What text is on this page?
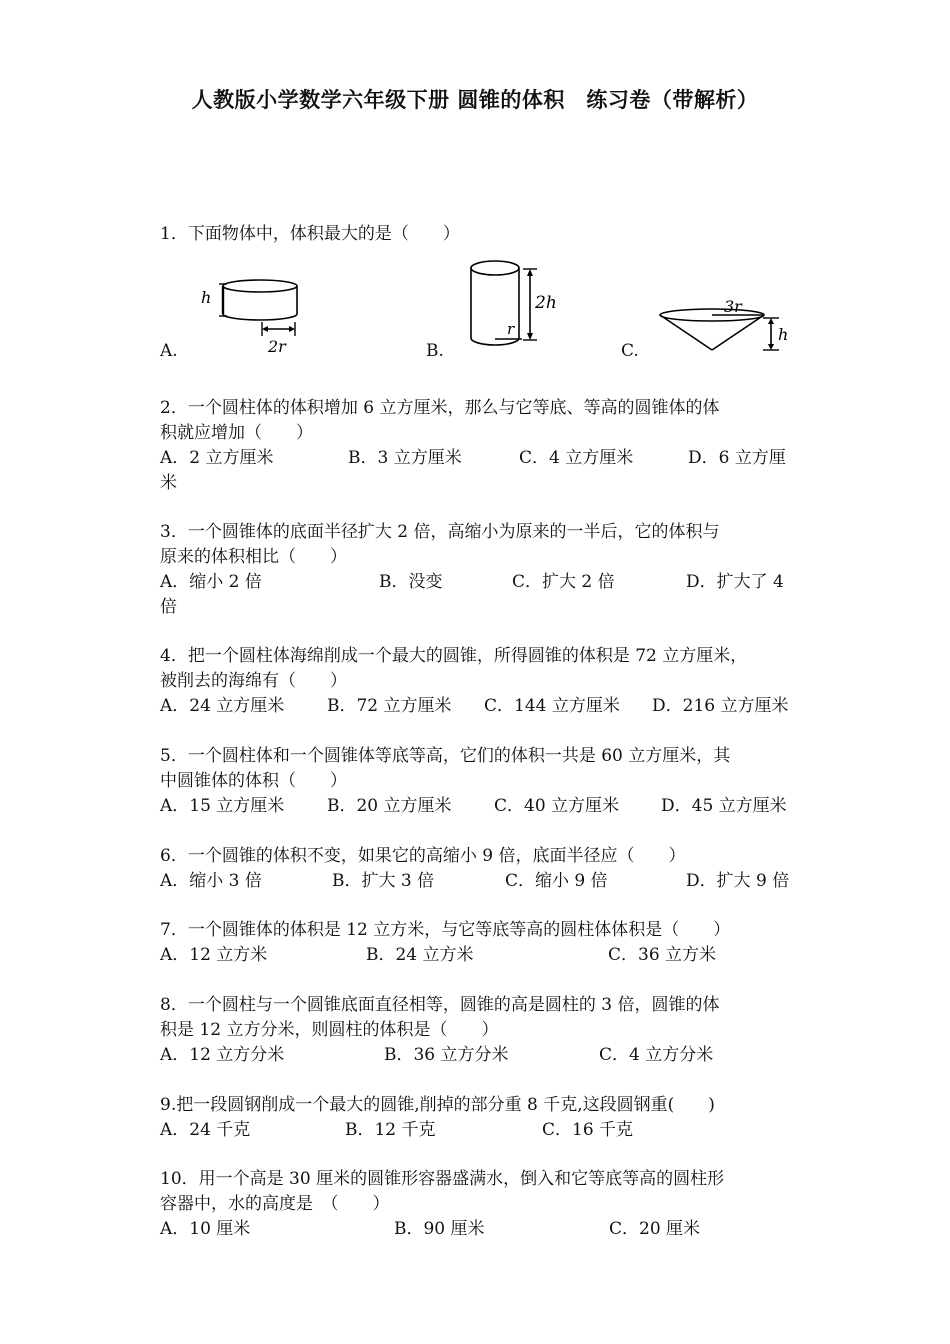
人教版小学数学六年级下册 圆锥的体积　练习卷（带解析）
1．下面物体中，体积最大的是（　　）
h
2r
A.
r
2h
B.
3r
h
C.
2．一个圆柱体的体积增加 6 立方厘米，那么与它等底、等高的圆锥体的体
积就应增加（　　）
A．2 立方厘米	B．3 立方厘米	C．4 立方厘米	D．6 立方厘
米
3．一个圆锥体的底面半径扩大 2 倍，高缩小为原来的一半后，它的体积与
原来的体积相比（　　）
A．缩小 2 倍	B．没变	C．扩大 2 倍	D．扩大了 4
倍
4．把一个圆柱体海绵削成一个最大的圆锥，所得圆锥的体积是 72 立方厘米，
被削去的海绵有（　　）
A．24 立方厘米	B．72 立方厘米 C．144 立方厘米 D．216 立方厘米
5．一个圆柱体和一个圆锥体等底等高，它们的体积一共是 60 立方厘米，其
中圆锥体的体积（　　）
A．15 立方厘米	B．20 立方厘米 C．40 立方厘米 D．45 立方厘米
6．一个圆锥的体积不变，如果它的高缩小 9 倍，底面半径应（　　）
A．缩小 3 倍	B．扩大 3 倍	C．缩小 9 倍	D．扩大 9 倍
7．一个圆锥体的体积是 12 立方米，与它等底等高的圆柱体体积是（　　）
A．12 立方米	B．24 立方米	C．36 立方米
8．一个圆柱与一个圆锥底面直径相等，圆锥的高是圆柱的 3 倍，圆锥的体
积是 12 立方分米，则圆柱的体积是（　　）
A．12 立方分米	B．36 立方分米	C．4 立方分米
9.把一段圆钢削成一个最大的圆锥,削掉的部分重 8 千克,这段圆钢重(　　)
A．24 千克	B．12 千克	C．16 千克
10．用一个高是 30 厘米的圆锥形容器盛满水，倒入和它等底等高的圆柱形
容器中，水的高度是　（　　）
A．10 厘米	B．90 厘米	C．20 厘米
